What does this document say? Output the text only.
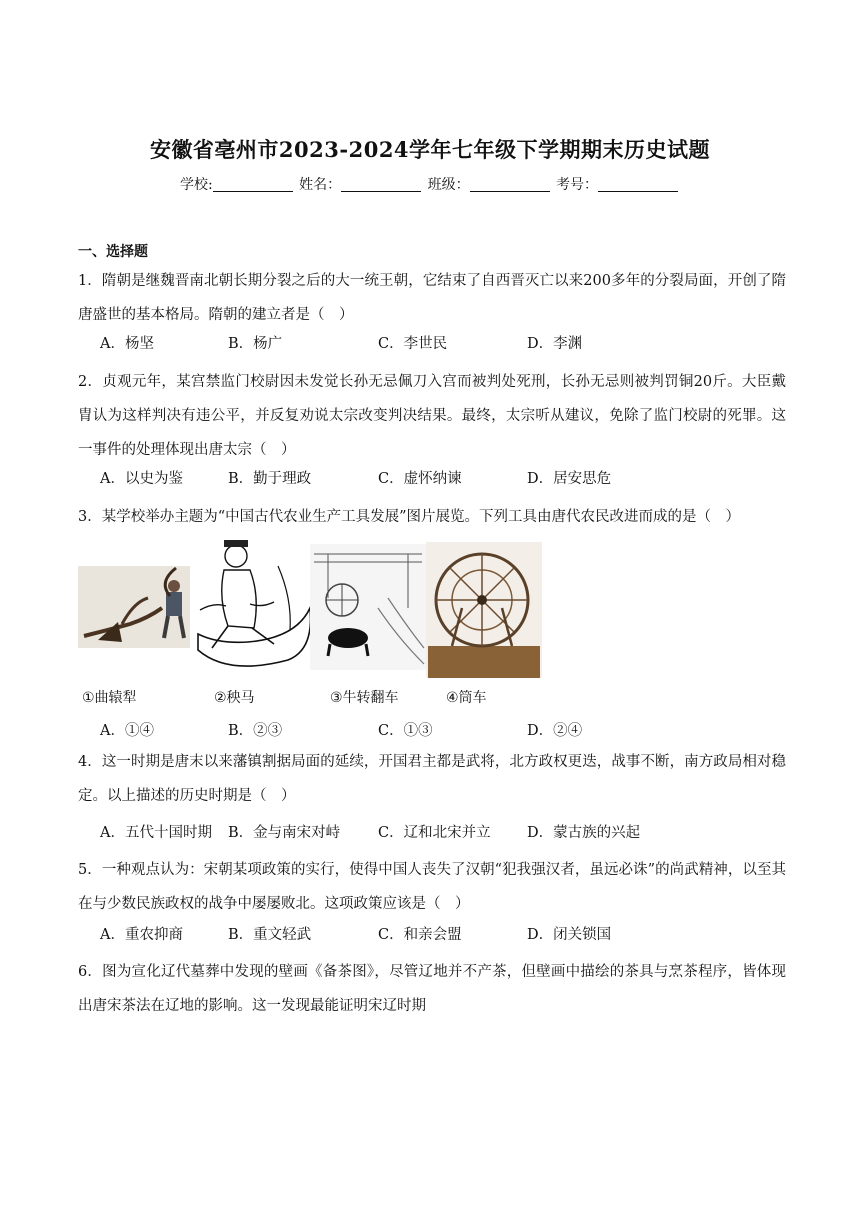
安徽省亳州市2023-2024学年七年级下学期期末历史试题
学校:	姓名：	班级：	考号：
一、选择题

1．隋朝是继魏晋南北朝长期分裂之后的大一统王朝，它结束了自西晋灭亡以来200多年的分裂局面，开创了隋唐盛世的基本格局。隋朝的建立者是（　）

A．杨坚	B．杨广	C．李世民	D．李渊

2．贞观元年，某宫禁监门校尉因未发觉长孙无忌佩刀入宫而被判处死刑，长孙无忌则被判罚铜20斤。大臣戴胄认为这样判决有违公平，并反复劝说太宗改变判决结果。最终，太宗听从建议，免除了监门校尉的死罪。这一事件的处理体现出唐太宗（　）

A．以史为鉴	B．勤于理政	C．虚怀纳谏	D．居安思危

3．某学校举办主题为“中国古代农业生产工具发展”图片展览。下列工具由唐代农民改进而成的是（　）

①曲辕犁	②秧马	③牛转翻车	④筒车
A．①④	B．②③	C．①③	D．②④

4．这一时期是唐末以来藩镇割据局面的延续，开国君主都是武将，北方政权更迭，战事不断，南方政局相对稳定。以上描述的历史时期是（　）

A．五代十国时期 B．金与南宋对峙	C．辽和北宋并立	D．蒙古族的兴起

5．一种观点认为：宋朝某项政策的实行，使得中国人丧失了汉朝“犯我强汉者，虽远必诛”的尚武精神，以至其在与少数民族政权的战争中屡屡败北。这项政策应该是（　）

A．重农抑商	B．重文轻武	C．和亲会盟	D．闭关锁国

6．图为宣化辽代墓葬中发现的壁画《备茶图》，尽管辽地并不产茶，但壁画中描绘的茶具与烹茶程序，皆体现出唐宋茶法在辽地的影响。这一发现最能证明宋辽时期
